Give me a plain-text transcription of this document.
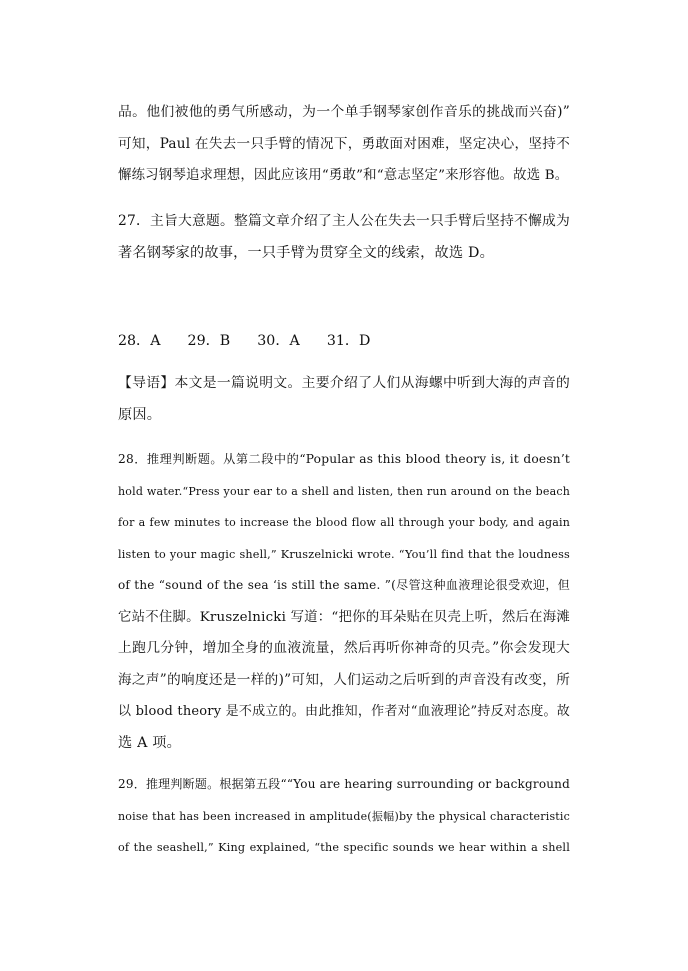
品。他们被他的勇气所感动，为一个单手钢琴家创作音乐的挑战而兴奋)”
可知，Paul 在失去一只手臂的情况下，勇敢面对困难，坚定决心，坚持不
懈练习钢琴追求理想，因此应该用“勇敢”和“意志坚定”来形容他。故选 B。
27．主旨大意题。整篇文章介绍了主人公在失去一只手臂后坚持不懈成为
著名钢琴家的故事，一只手臂为贯穿全文的线索，故选 D。
28．A      29．B      30．A      31．D
【导语】本文是一篇说明文。主要介绍了人们从海螺中听到大海的声音的
原因。
28．推理判断题。从第二段中的“Popular as this blood theory is, it doesn’t
hold water.“Press your ear to a shell and listen, then run around on the beach
for a few minutes to increase the blood flow all through your body, and again
listen to your magic shell,” Kruszelnicki wrote. “You’ll find that the loudness
of the “sound of the sea ‘is still the same. ”(尽管这种血液理论很受欢迎，但
它站不住脚。Kruszelnicki 写道：“把你的耳朵贴在贝壳上听，然后在海滩
上跑几分钟，增加全身的血液流量，然后再听你神奇的贝壳。”你会发现大
海之声”的响度还是一样的)”可知，人们运动之后听到的声音没有改变，所
以 blood theory 是不成立的。由此推知，作者对“血液理论”持反对态度。故
选 A 项。
29．推理判断题。根据第五段““You are hearing surrounding or background
noise that has been increased in amplitude(振幅)by the physical characteristic
of the seashell,” King explained, “the specific sounds we hear within a shell
